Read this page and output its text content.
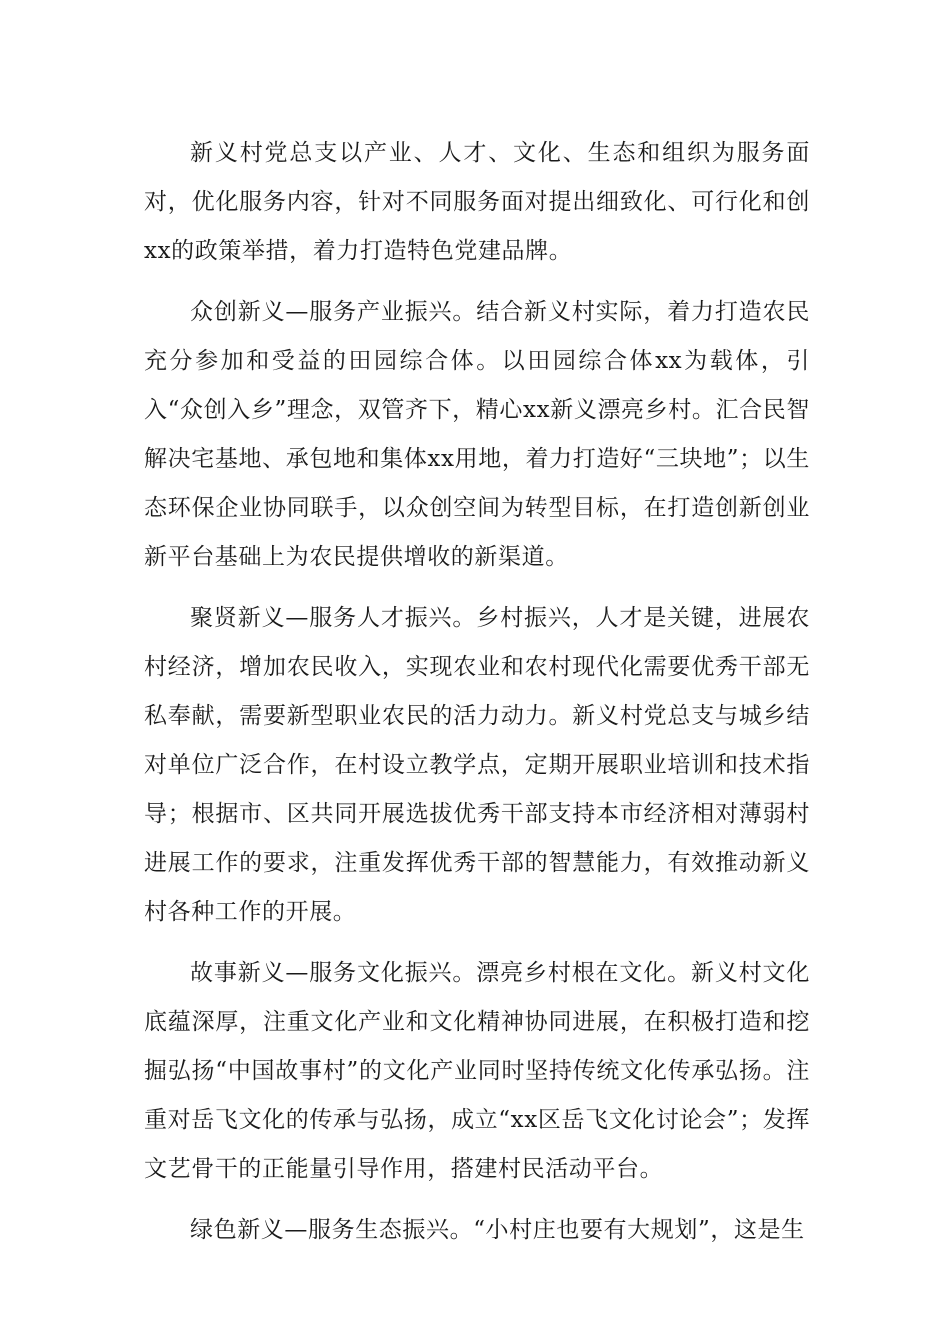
新义村党总支以产业、人才、文化、生态和组织为服务面对，优化服务内容，针对不同服务面对提出细致化、可行化和创xx的政策举措，着力打造特色党建品牌。

众创新义—服务产业振兴。结合新义村实际，着力打造农民充分参加和受益的田园综合体。以田园综合体xx为载体，引入“众创入乡”理念，双管齐下，精心xx新义漂亮乡村。汇合民智解决宅基地、承包地和集体xx用地，着力打造好“三块地”；以生态环保企业协同联手，以众创空间为转型目标，在打造创新创业新平台基础上为农民提供增收的新渠道。

聚贤新义—服务人才振兴。乡村振兴，人才是关键，进展农村经济，增加农民收入，实现农业和农村现代化需要优秀干部无私奉献，需要新型职业农民的活力动力。新义村党总支与城乡结对单位广泛合作，在村设立教学点，定期开展职业培训和技术指导；根据市、区共同开展选拔优秀干部支持本市经济相对薄弱村进展工作的要求，注重发挥优秀干部的智慧能力，有效推动新义村各种工作的开展。

故事新义—服务文化振兴。漂亮乡村根在文化。新义村文化底蕴深厚，注重文化产业和文化精神协同进展，在积极打造和挖掘弘扬“中国故事村”的文化产业同时坚持传统文化传承弘扬。注重对岳飞文化的传承与弘扬，成立“xx区岳飞文化讨论会”；发挥文艺骨干的正能量引导作用，搭建村民活动平台。

绿色新义—服务生态振兴。“小村庄也要有大规划”，这是生
